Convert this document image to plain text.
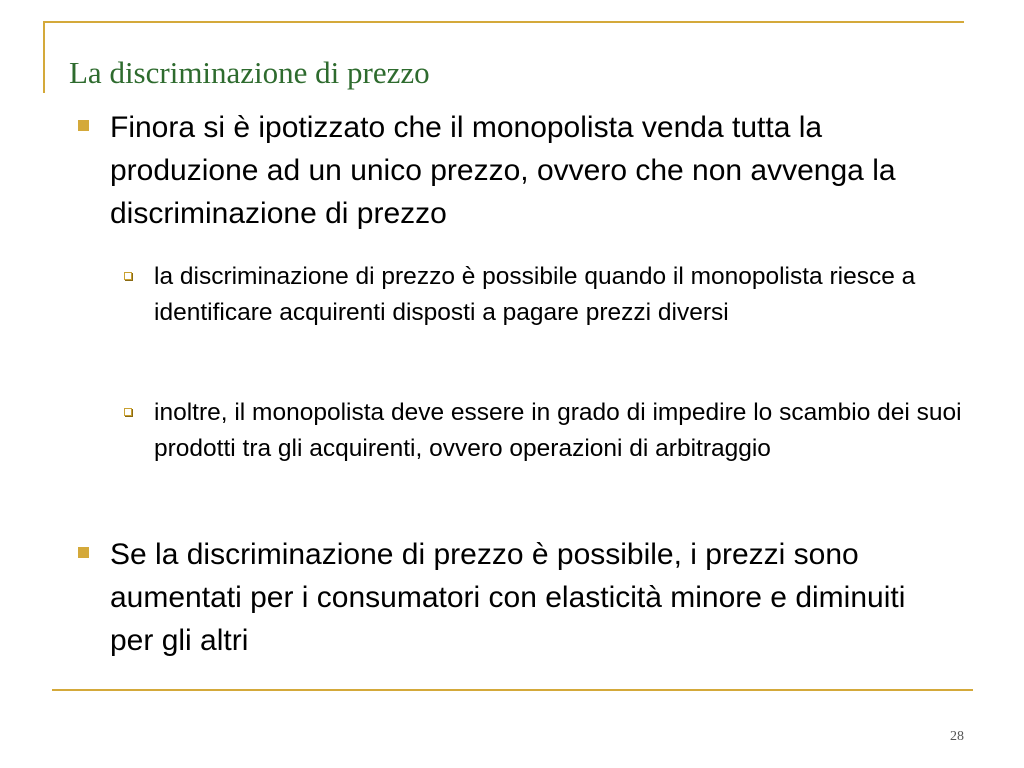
La discriminazione di prezzo
Finora si è ipotizzato che il monopolista venda tutta la produzione ad un unico prezzo, ovvero che non avvenga la discriminazione di prezzo
la discriminazione di prezzo è possibile quando il monopolista riesce a identificare acquirenti disposti a pagare prezzi diversi
inoltre, il monopolista deve essere in grado di impedire lo scambio dei suoi prodotti tra gli acquirenti, ovvero operazioni di arbitraggio
Se la discriminazione di prezzo è possibile, i prezzi sono aumentati per i consumatori con elasticità minore e diminuiti per gli altri
28
